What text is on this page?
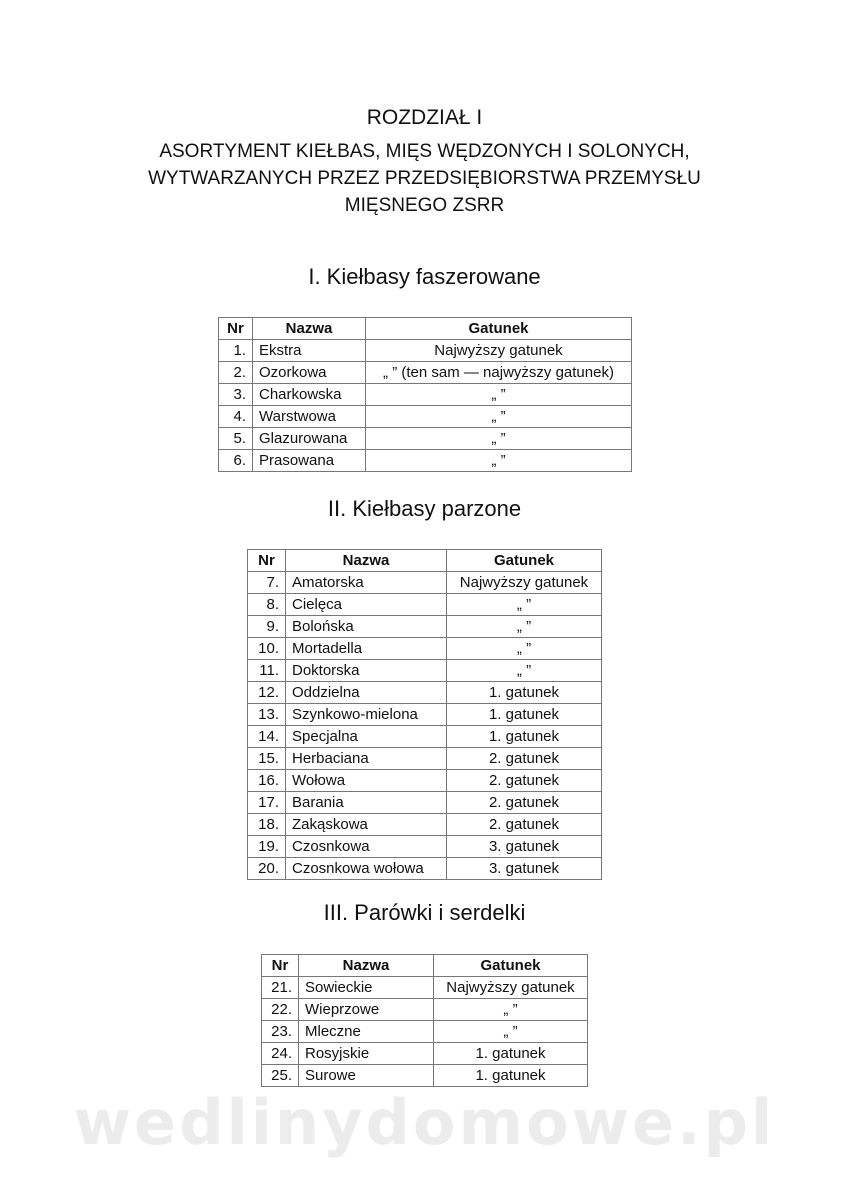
ROZDZIAŁ I
ASORTYMENT KIEŁBAS, MIĘS WĘDZONYCH I SOLONYCH,
WYTWARZANYCH PRZEZ PRZEDSIĘBIORSTWA PRZEMYSŁU
MIĘSNEGO ZSRR
I. Kiełbasy faszerowane
Nr	Nazwa	Gatunek
1.	Ekstra	Najwyższy gatunek
2.	Ozorkowa	„ ” (ten sam — najwyższy gatunek)
3.	Charkowska	„ ”
4.	Warstwowa	„ ”
5.	Glazurowana	„ ”
6.	Prasowana	„ ”
II. Kiełbasy parzone
Nr	Nazwa	Gatunek
7.	Amatorska	Najwyższy gatunek
8.	Cielęca	„ ”
9.	Bolońska	„ ”
10.	Mortadella	„ ”
11.	Doktorska	„ ”
12.	Oddzielna	1. gatunek
13.	Szynkowo-mielona	1. gatunek
14.	Specjalna	1. gatunek
15.	Herbaciana	2. gatunek
16.	Wołowa	2. gatunek
17.	Barania	2. gatunek
18.	Zakąskowa	2. gatunek
19.	Czosnkowa	3. gatunek
20.	Czosnkowa wołowa	3. gatunek
III. Parówki i serdelki
Nr	Nazwa	Gatunek
21.	Sowieckie	Najwyższy gatunek
22.	Wieprzowe	„ ”
23.	Mleczne	„ ”
24.	Rosyjskie	1. gatunek
25.	Surowe	1. gatunek
wedlinydomowe.pl
